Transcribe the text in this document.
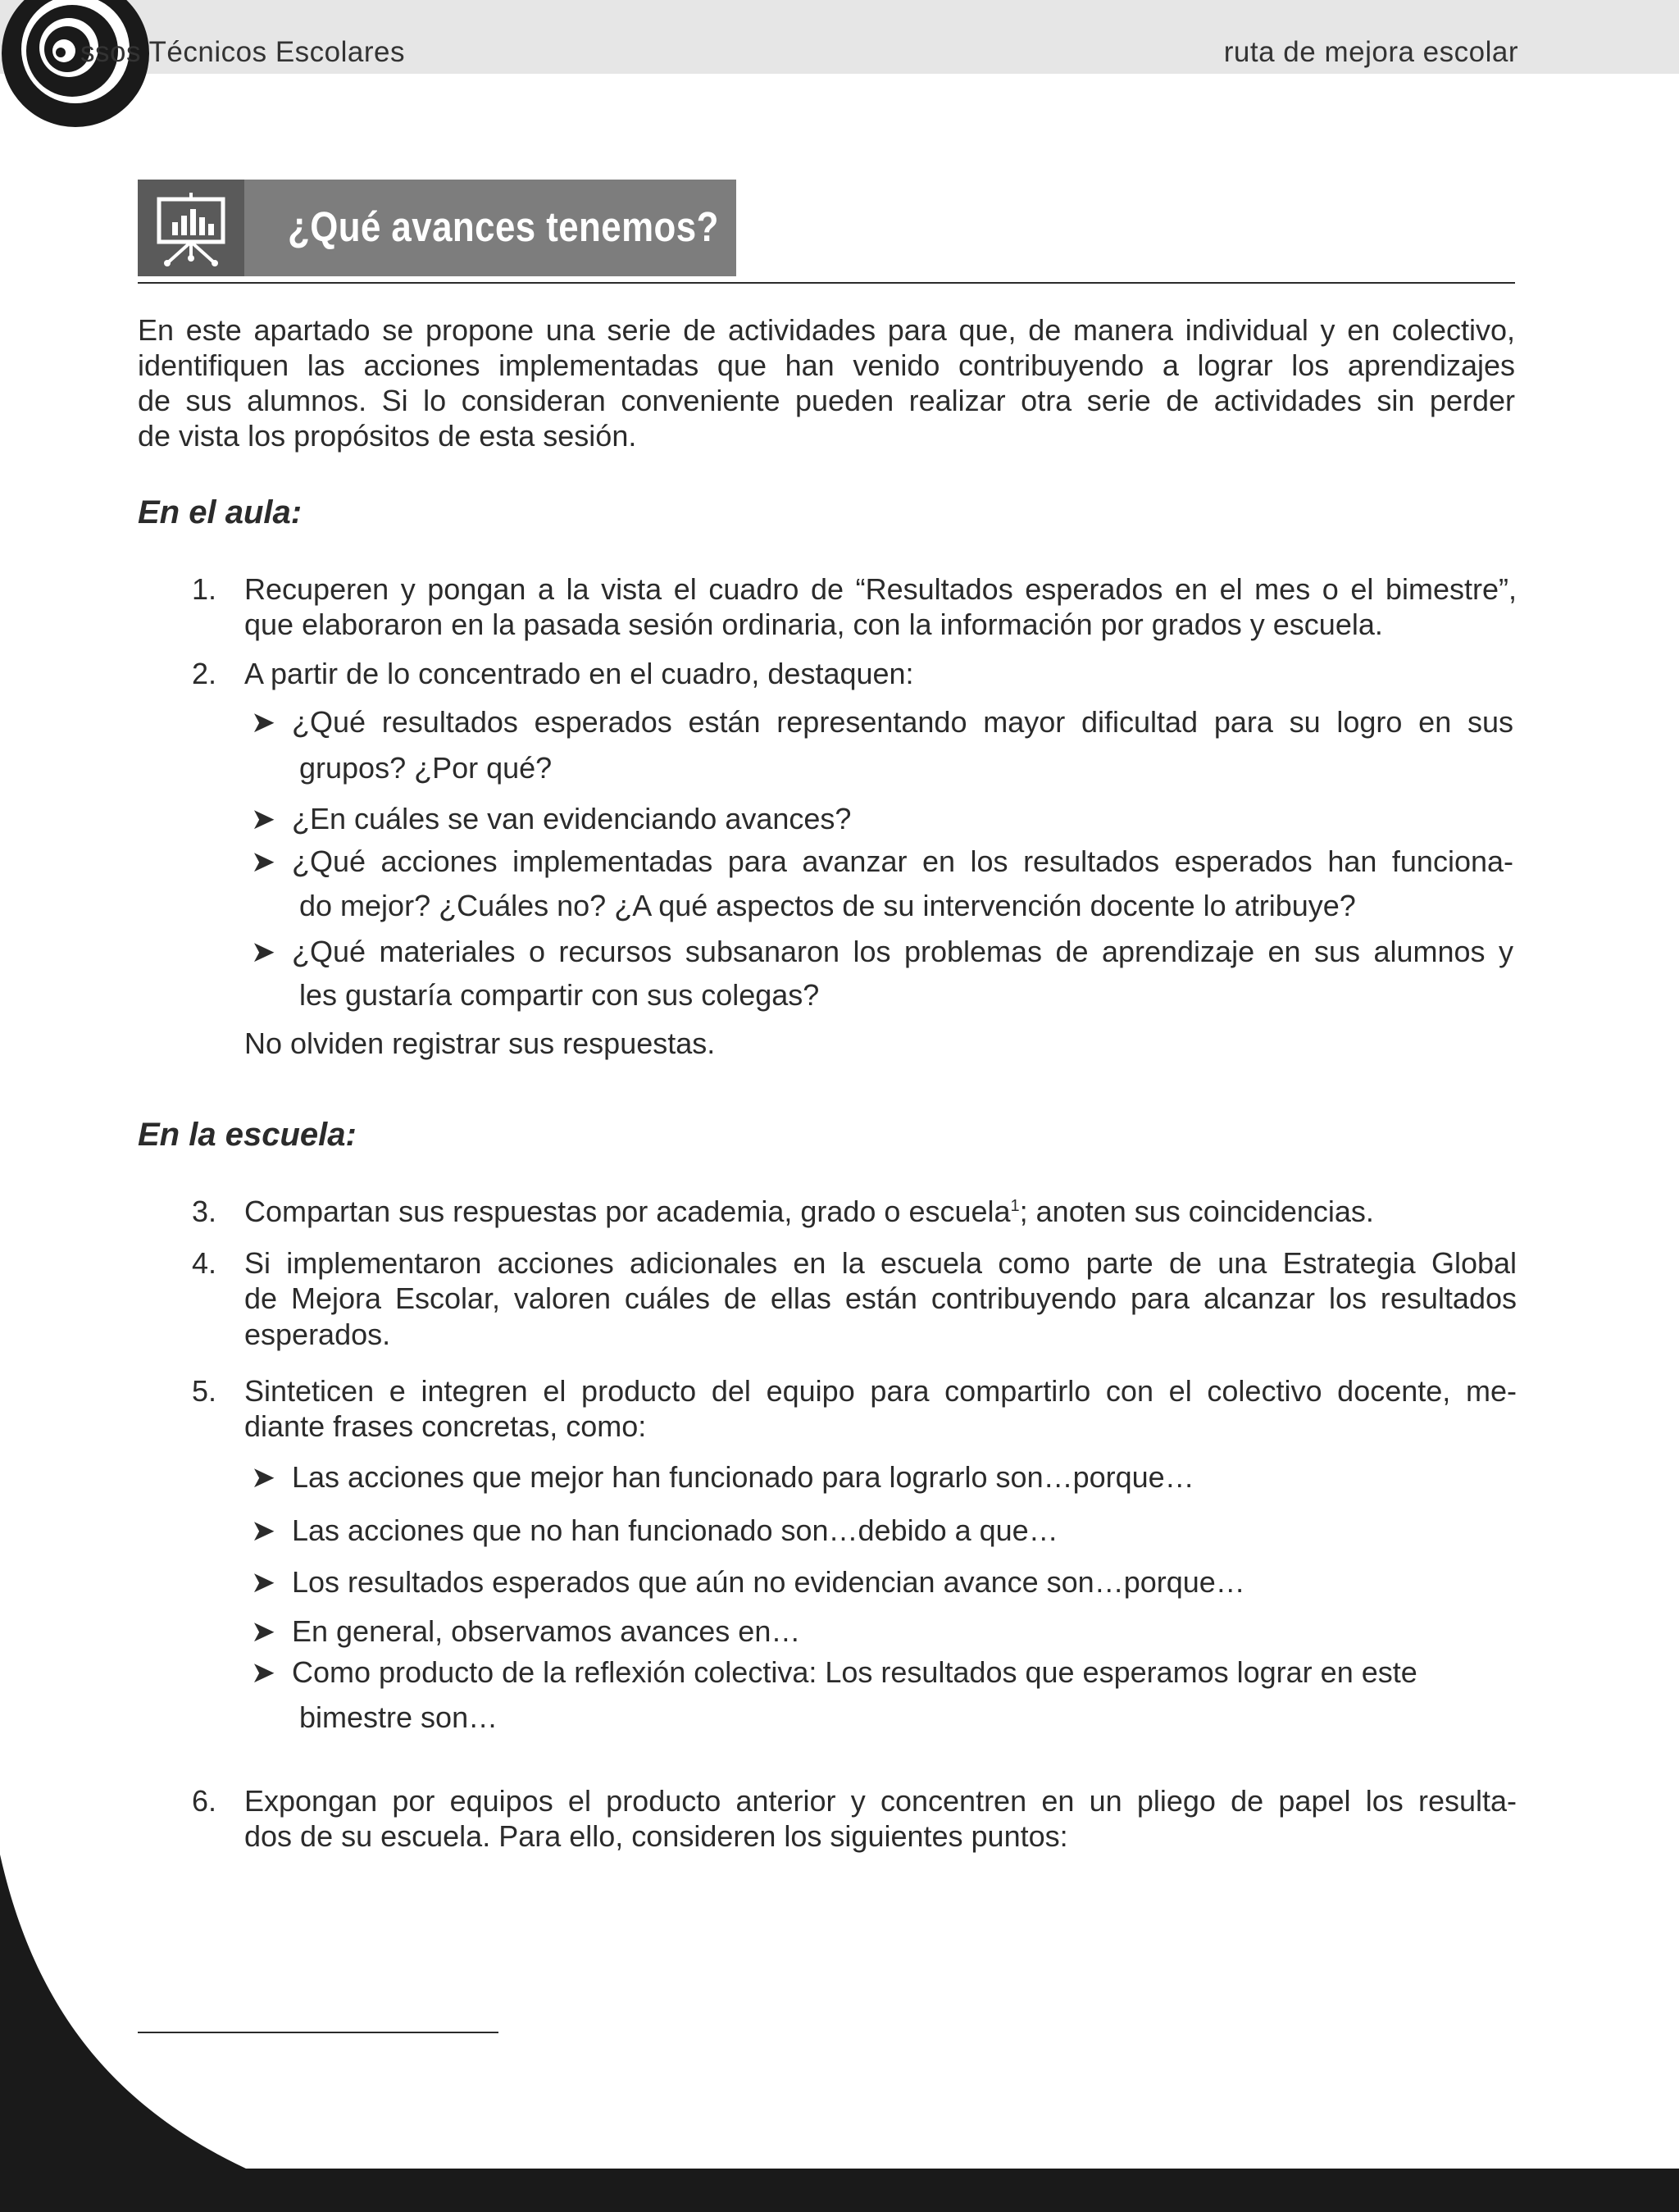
ssos Técnicos Escolares	ruta de mejora escolar
¿Qué avances tenemos?
En este apartado se propone una serie de actividades para que, de manera individual y en colectivo,
identifiquen las acciones implementadas que han venido contribuyendo a lograr los aprendizajes
de sus alumnos. Si lo consideran conveniente pueden realizar otra serie de actividades sin perder
de vista los propósitos de esta sesión.
En el aula:
1. Recuperen y pongan a la vista el cuadro de “Resultados esperados en el mes o el bimestre”,
que elaboraron en la pasada sesión ordinaria, con la información por grados y escuela.
2. A partir de lo concentrado en el cuadro, destaquen:
➤ ¿Qué resultados esperados están representando mayor dificultad para su logro en sus
grupos? ¿Por qué?
➤ ¿En cuáles se van evidenciando avances?
➤ ¿Qué acciones implementadas para avanzar en los resultados esperados han funciona-
do mejor? ¿Cuáles no? ¿A qué aspectos de su intervención docente lo atribuye?
➤ ¿Qué materiales o recursos subsanaron los problemas de aprendizaje en sus alumnos y
les gustaría compartir con sus colegas?
No olviden registrar sus respuestas.
En la escuela:
3. Compartan sus respuestas por academia, grado o escuela$^1$; anoten sus coincidencias.
4. Si implementaron acciones adicionales en la escuela como parte de una Estrategia Global
de Mejora Escolar, valoren cuáles de ellas están contribuyendo para alcanzar los resultados
esperados.
5. Sinteticen e integren el producto del equipo para compartirlo con el colectivo docente, me-
diante frases concretas, como:
➤ Las acciones que mejor han funcionado para lograrlo son…porque…
➤ Las acciones que no han funcionado son…debido a que…
➤ Los resultados esperados que aún no evidencian avance son…porque…
➤ En general, observamos avances en…
➤ Como producto de la reflexión colectiva: Los resultados que esperamos lograr en este
bimestre son…
6. Expongan por equipos el producto anterior y concentren en un pliego de papel los resulta-
dos de su escuela. Para ello, consideren los siguientes puntos:
